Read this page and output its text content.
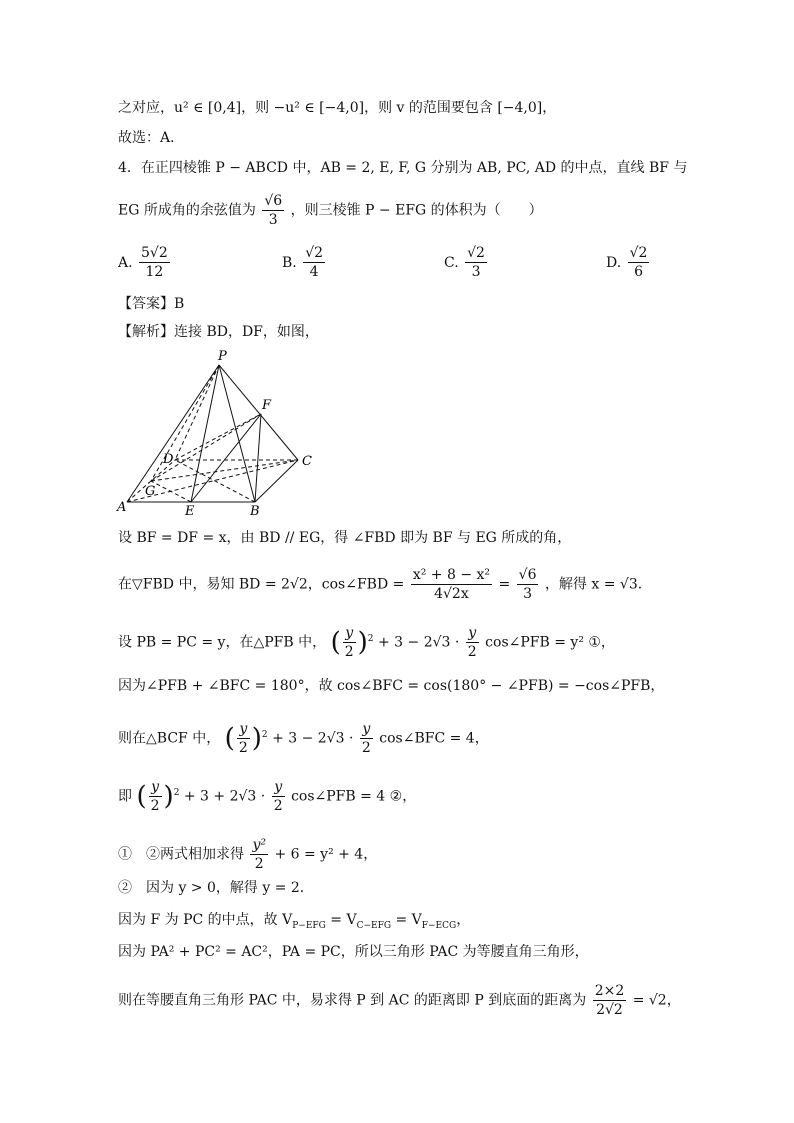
之对应，u² ∈ [0,4]，则 −u² ∈ [−4,0]，则 v 的范围要包含 [−4,0]，
故选：A．
4．在正四棱锥 P − ABCD 中，AB = 2, E, F, G 分别为 AB, PC, AD 的中点，直线 BF 与
EG 所成角的余弦值为 $\frac{√6}{3}$ ，则三棱锥 P − EFG 的体积为（　　）
A. $\frac{5√2}{12}$	B. $\frac{√2}{4}$	C. $\frac{√2}{3}$	D. $\frac{√2}{6}$
【答案】B
【解析】连接 BD，DF，如图，
P
F
C
D
G
A	E	B
设 BF = DF = x，由 BD // EG，得 ∠FBD 即为 BF 与 EG 所成的角，
在▽FBD 中，易知 BD = 2√2，cos∠FBD = $\frac{\text{x² + 8 − x²}}{4√2x} = \frac{√6}{3}$ ，解得 x = √3．
设 PB = PC = y，在△PFB 中， ( $\frac{y}{2} )^2 + 3 - 2√3 \cdot \frac{y}{2}$ cos∠PFB = y² ①，
因为∠PFB + ∠BFC = 180°，故 cos∠BFC = cos(180° − ∠PFB) = −cos∠PFB，
则在△BCF 中， ( $\frac{y}{2} )^2 + 3 - 2√3 \cdot \frac{y}{2}$ cos∠BFC = 4，
即 ( $\frac{y}{2} )^2 + 3 + 2√3 \cdot \frac{y}{2}$ cos∠PFB = 4 ②，
①　②两式相加求得 $\frac{\text{y²}}{2} + 6 = y^2 + 4$，
②　因为 y > 0，解得 y = 2．
因为 F 为 PC 的中点，故 $V_{P-EFG} = V_{C-EFG} = V_{F-ECG}$，
因为 PA² + PC² = AC²，PA = PC，所以三角形 PAC 为等腰直角三角形，
则在等腰直角三角形 PAC 中，易求得 P 到 AC 的距离即 P 到底面的距离为 $\frac{2\times 2}{2√2} = √2$，
